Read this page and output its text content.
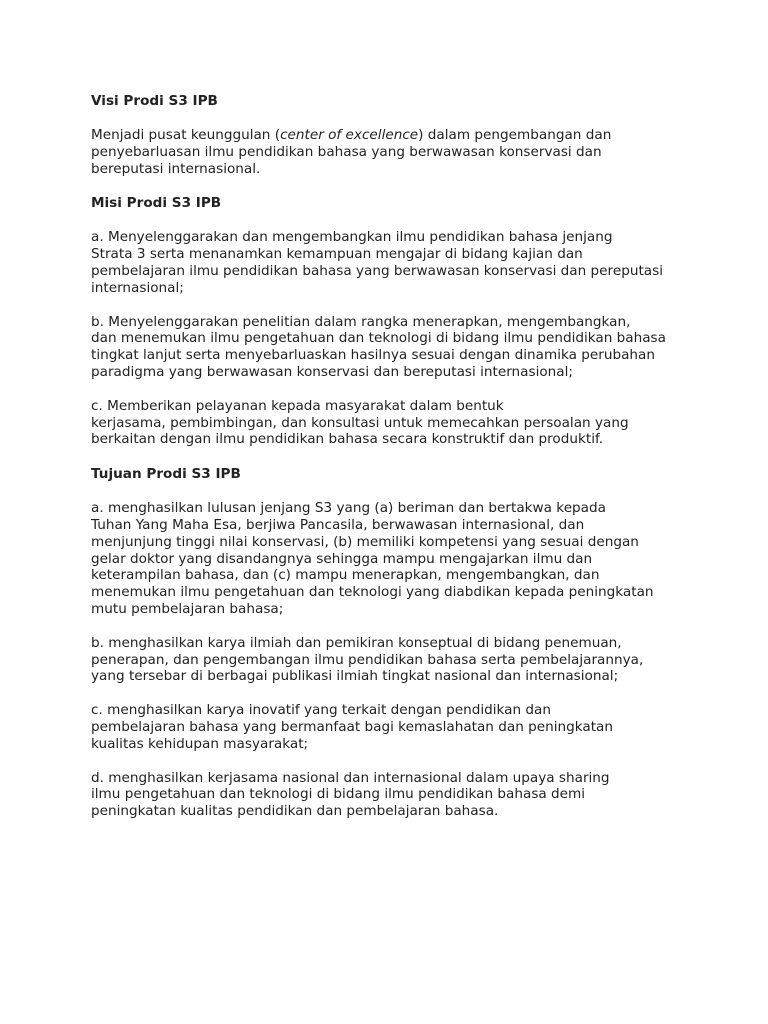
Visi Prodi S3 IPB

Menjadi pusat keunggulan (center of excellence) dalam pengembangan dan
penyebarluasan ilmu pendidikan bahasa yang berwawasan konservasi dan
bereputasi internasional.

Misi Prodi S3 IPB

a. Menyelenggarakan dan mengembangkan ilmu pendidikan bahasa jenjang
Strata 3 serta menanamkan kemampuan mengajar di bidang kajian dan
pembelajaran ilmu pendidikan bahasa yang berwawasan konservasi dan pereputasi
internasional;

b. Menyelenggarakan penelitian dalam rangka menerapkan, mengembangkan,
dan menemukan ilmu pengetahuan dan teknologi di bidang ilmu pendidikan bahasa
tingkat lanjut serta menyebarluaskan hasilnya sesuai dengan dinamika perubahan
paradigma yang berwawasan konservasi dan bereputasi internasional;

c. Memberikan pelayanan kepada masyarakat dalam bentuk
kerjasama, pembimbingan, dan konsultasi untuk memecahkan persoalan yang
berkaitan dengan ilmu pendidikan bahasa secara konstruktif dan produktif.

Tujuan Prodi S3 IPB

a. menghasilkan lulusan jenjang S3 yang (a) beriman dan bertakwa kepada
Tuhan Yang Maha Esa, berjiwa Pancasila, berwawasan internasional, dan
menjunjung tinggi nilai konservasi, (b) memiliki kompetensi yang sesuai dengan
gelar doktor yang disandangnya sehingga mampu mengajarkan ilmu dan
keterampilan bahasa, dan (c) mampu menerapkan, mengembangkan, dan
menemukan ilmu pengetahuan dan teknologi yang diabdikan kepada peningkatan
mutu pembelajaran bahasa;

b. menghasilkan karya ilmiah dan pemikiran konseptual di bidang penemuan,
penerapan, dan pengembangan ilmu pendidikan bahasa serta pembelajarannya,
yang tersebar di berbagai publikasi ilmiah tingkat nasional dan internasional;

c. menghasilkan karya inovatif yang terkait dengan pendidikan dan
pembelajaran bahasa yang bermanfaat bagi kemaslahatan dan peningkatan
kualitas kehidupan masyarakat;

d. menghasilkan kerjasama nasional dan internasional dalam upaya sharing
ilmu pengetahuan dan teknologi di bidang ilmu pendidikan bahasa demi
peningkatan kualitas pendidikan dan pembelajaran bahasa.
